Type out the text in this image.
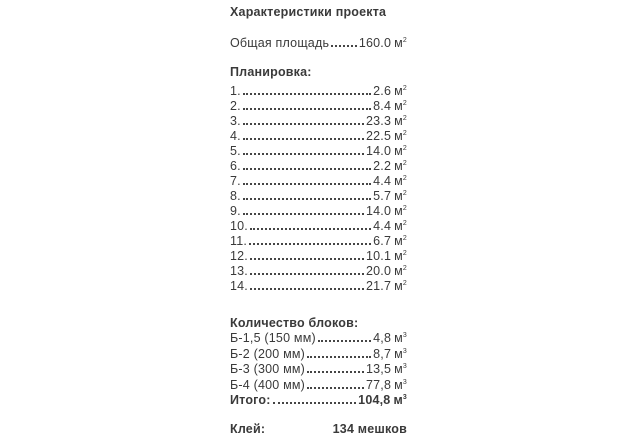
Характеристики проекта
Общая площадь 160.0 $м^2$
Планировка:
1.	2.6 $м^2$
2.	8.4 $м^2$
3.	23.3 $м^2$
4.	22.5 $м^2$
5.	14.0 $м^2$
6.	2.2 $м^2$
7.	4.4 $м^2$
8.	5.7 $м^2$
9.	14.0 $м^2$
10.	4.4 $м^2$
11.	6.7 $м^2$
12.	10.1 $м^2$
13.	20.0 $м^2$
14.	21.7 $м^2$
Количество блоков:
Б-1,5 (150 мм)	4,8 $м^3$
Б-2 (200 мм)	8,7 $м^3$
Б-3 (300 мм)	13,5 $м^3$
Б-4 (400 мм)	77,8 $м^3$
Итого:	104,8 $м^3$
Клей:	134 мешков
